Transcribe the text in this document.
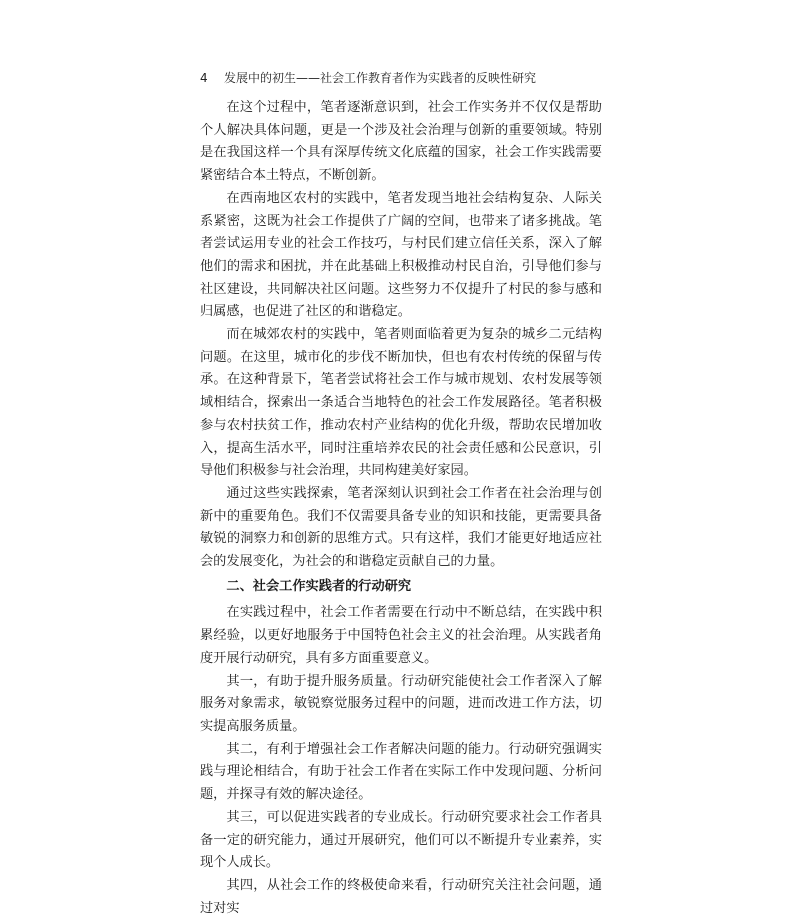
4 发展中的初生——社会工作教育者作为实践者的反映性研究

在这个过程中，笔者逐渐意识到，社会工作实务并不仅仅是帮助个人解决具体问题，更是一个涉及社会治理与创新的重要领域。特别是在我国这样一个具有深厚传统文化底蕴的国家，社会工作实践需要紧密结合本土特点，不断创新。

在西南地区农村的实践中，笔者发现当地社会结构复杂、人际关系紧密，这既为社会工作提供了广阔的空间，也带来了诸多挑战。笔者尝试运用专业的社会工作技巧，与村民们建立信任关系，深入了解他们的需求和困扰，并在此基础上积极推动村民自治，引导他们参与社区建设，共同解决社区问题。这些努力不仅提升了村民的参与感和归属感，也促进了社区的和谐稳定。

而在城郊农村的实践中，笔者则面临着更为复杂的城乡二元结构问题。在这里，城市化的步伐不断加快，但也有农村传统的保留与传承。在这种背景下，笔者尝试将社会工作与城市规划、农村发展等领域相结合，探索出一条适合当地特色的社会工作发展路径。笔者积极参与农村扶贫工作，推动农村产业结构的优化升级，帮助农民增加收入，提高生活水平，同时注重培养农民的社会责任感和公民意识，引导他们积极参与社会治理，共同构建美好家园。

通过这些实践探索，笔者深刻认识到社会工作者在社会治理与创新中的重要角色。我们不仅需要具备专业的知识和技能，更需要具备敏锐的洞察力和创新的思维方式。只有这样，我们才能更好地适应社会的发展变化，为社会的和谐稳定贡献自己的力量。

二、社会工作实践者的行动研究

在实践过程中，社会工作者需要在行动中不断总结，在实践中积累经验，以更好地服务于中国特色社会主义的社会治理。从实践者角度开展行动研究，具有多方面重要意义。

其一，有助于提升服务质量。行动研究能使社会工作者深入了解服务对象需求，敏锐察觉服务过程中的问题，进而改进工作方法，切实提高服务质量。

其二，有利于增强社会工作者解决问题的能力。行动研究强调实践与理论相结合，有助于社会工作者在实际工作中发现问题、分析问题，并探寻有效的解决途径。

其三，可以促进实践者的专业成长。行动研究要求社会工作者具备一定的研究能力，通过开展研究，他们可以不断提升专业素养，实现个人成长。

其四，从社会工作的终极使命来看，行动研究关注社会问题，通过对实
